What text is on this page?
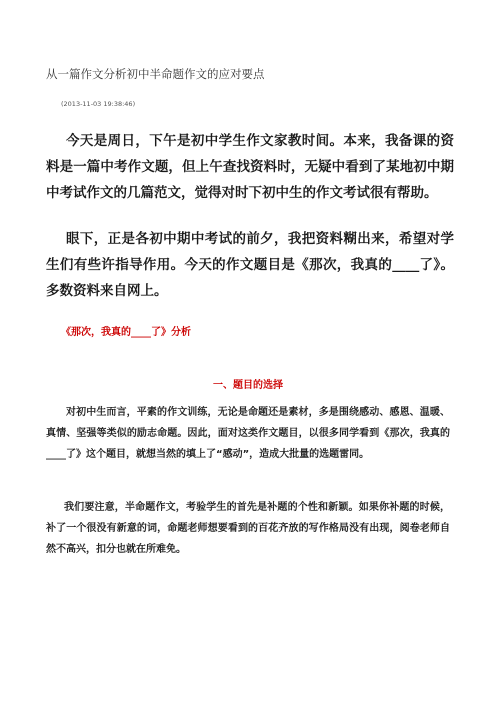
从一篇作文分析初中半命题作文的应对要点
(2013-11-03 19:38:46)

今天是周日，下午是初中学生作文家教时间。本来，我备课的资料是一篇中考作文题，但上午查找资料时，无疑中看到了某地初中期中考试作文的几篇范文，觉得对时下初中生的作文考试很有帮助。

眼下，正是各初中期中考试的前夕，我把资料糊出来，希望对学生们有些许指导作用。今天的作文题目是《那次，我真的____了》。多数资料来自网上。

《那次，我真的____了》分析
一、题目的选择

对初中生而言，平素的作文训练，无论是命题还是素材，多是围绕感动、感恩、温暖、真情、坚强等类似的励志命题。因此，面对这类作文题目，以很多同学看到《那次，我真的____了》这个题目，就想当然的填上了“感动”，造成大批量的选题雷同。

我们要注意，半命题作文，考验学生的首先是补题的个性和新颖。如果你补题的时候，补了一个很没有新意的词，命题老师想要看到的百花齐放的写作格局没有出现，阅卷老师自然不高兴，扣分也就在所难免。
